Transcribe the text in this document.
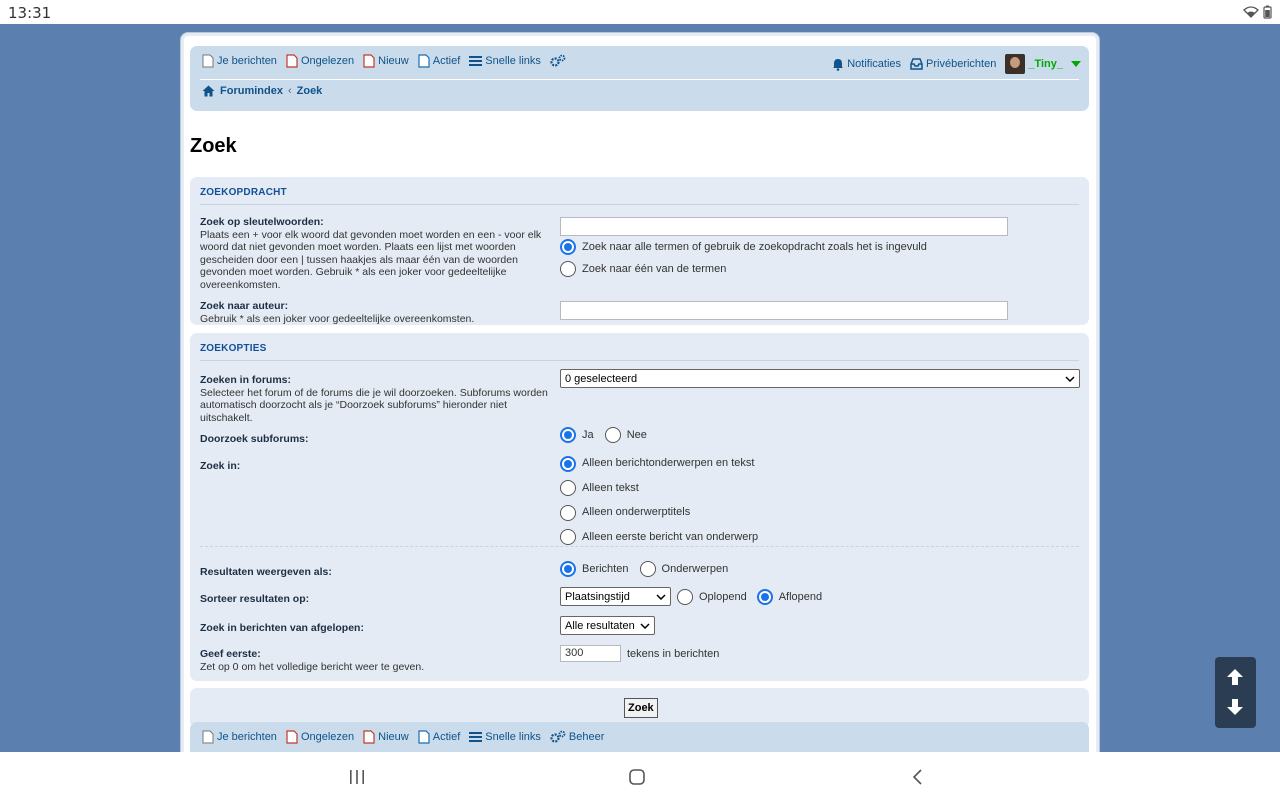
13:31
Je berichten Ongelezen Nieuw Actief Snelle links	Notificaties Privéberichten	_Tiny_
Forumindex ‹ Zoek
Zoek
ZOEKOPDRACHT
Zoek op sleutelwoorden:
Plaats een + voor elk woord dat gevonden moet worden en een - voor elk woord dat niet gevonden moet worden. Plaats een lijst met woorden gescheiden door een | tussen haakjes als maar één van de woorden gevonden moet worden. Gebruik * als een joker voor gedeeltelijke overeenkomsten.
Zoek naar alle termen of gebruik de zoekopdracht zoals het is ingevuld

Zoek naar één van de termen
Zoek naar auteur:
Gebruik * als een joker voor gedeeltelijke overeenkomsten.
ZOEKOPTIES
Zoeken in forums:
Selecteer het forum of de forums die je wil doorzoeken. Subforums worden automatisch doorzocht als je “Doorzoek subforums” hieronder niet uitschakelt.
0 geselecteerd
Doorzoek subforums:	Ja
	Nee
Zoek in:	Alleen berichtonderwerpen en tekst

Alleen tekst

Alleen onderwerptitels

Alleen eerste bericht van onderwerp
Resultaten weergeven als:	Berichten
	Onderwerpen
Sorteer resultaten op:	Plaatsingstijd	Oplopend	Aflopend
Zoek in berichten van afgelopen:	Alle resultaten
Geef eerste:
Zet op 0 om het volledige bericht weer te geven.
300	tekens in berichten
Zoek
Je berichten Ongelezen Nieuw Actief Snelle links	Beheer
